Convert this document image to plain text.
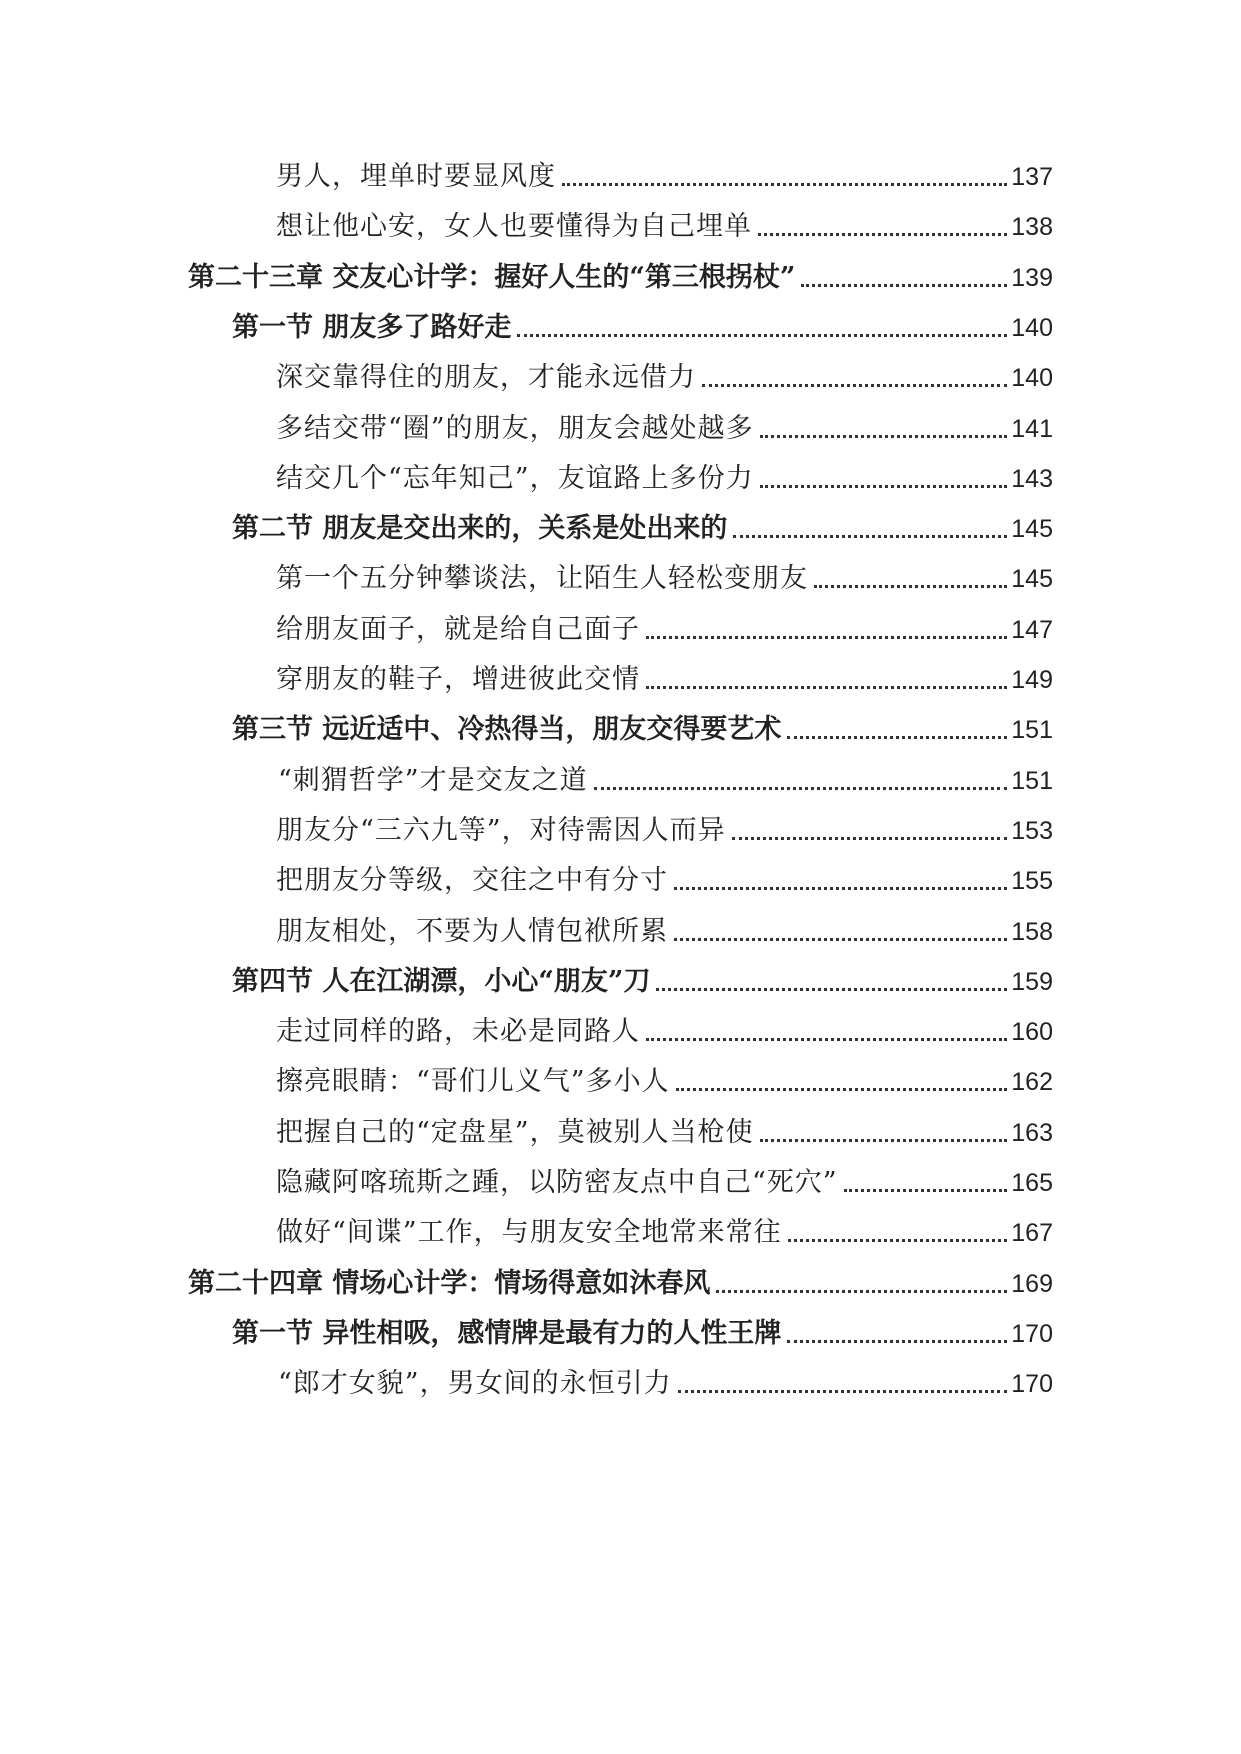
男人，埋单时要显风度	137
想让他心安，女人也要懂得为自己埋单	138
第二十三章 交友心计学：握好人生的“第三根拐杖”	139
第一节 朋友多了路好走	140
深交靠得住的朋友，才能永远借力	140
多结交带“圈”的朋友，朋友会越处越多	141
结交几个“忘年知己”，友谊路上多份力	143
第二节 朋友是交出来的，关系是处出来的	145
第一个五分钟攀谈法，让陌生人轻松变朋友	145
给朋友面子，就是给自己面子	147
穿朋友的鞋子，增进彼此交情	149
第三节 远近适中、冷热得当，朋友交得要艺术	151
“刺猬哲学”才是交友之道	151
朋友分“三六九等”，对待需因人而异	153
把朋友分等级，交往之中有分寸	155
朋友相处，不要为人情包袱所累	158
第四节 人在江湖漂，小心“朋友”刀	159
走过同样的路，未必是同路人	160
擦亮眼睛：“哥们儿义气”多小人	162
把握自己的“定盘星”，莫被别人当枪使	163
隐藏阿喀琉斯之踵，以防密友点中自己“死穴”	165
做好“间谍”工作，与朋友安全地常来常往	167
第二十四章 情场心计学：情场得意如沐春风	169
第一节 异性相吸，感情牌是最有力的人性王牌	170
“郎才女貌”，男女间的永恒引力	170
